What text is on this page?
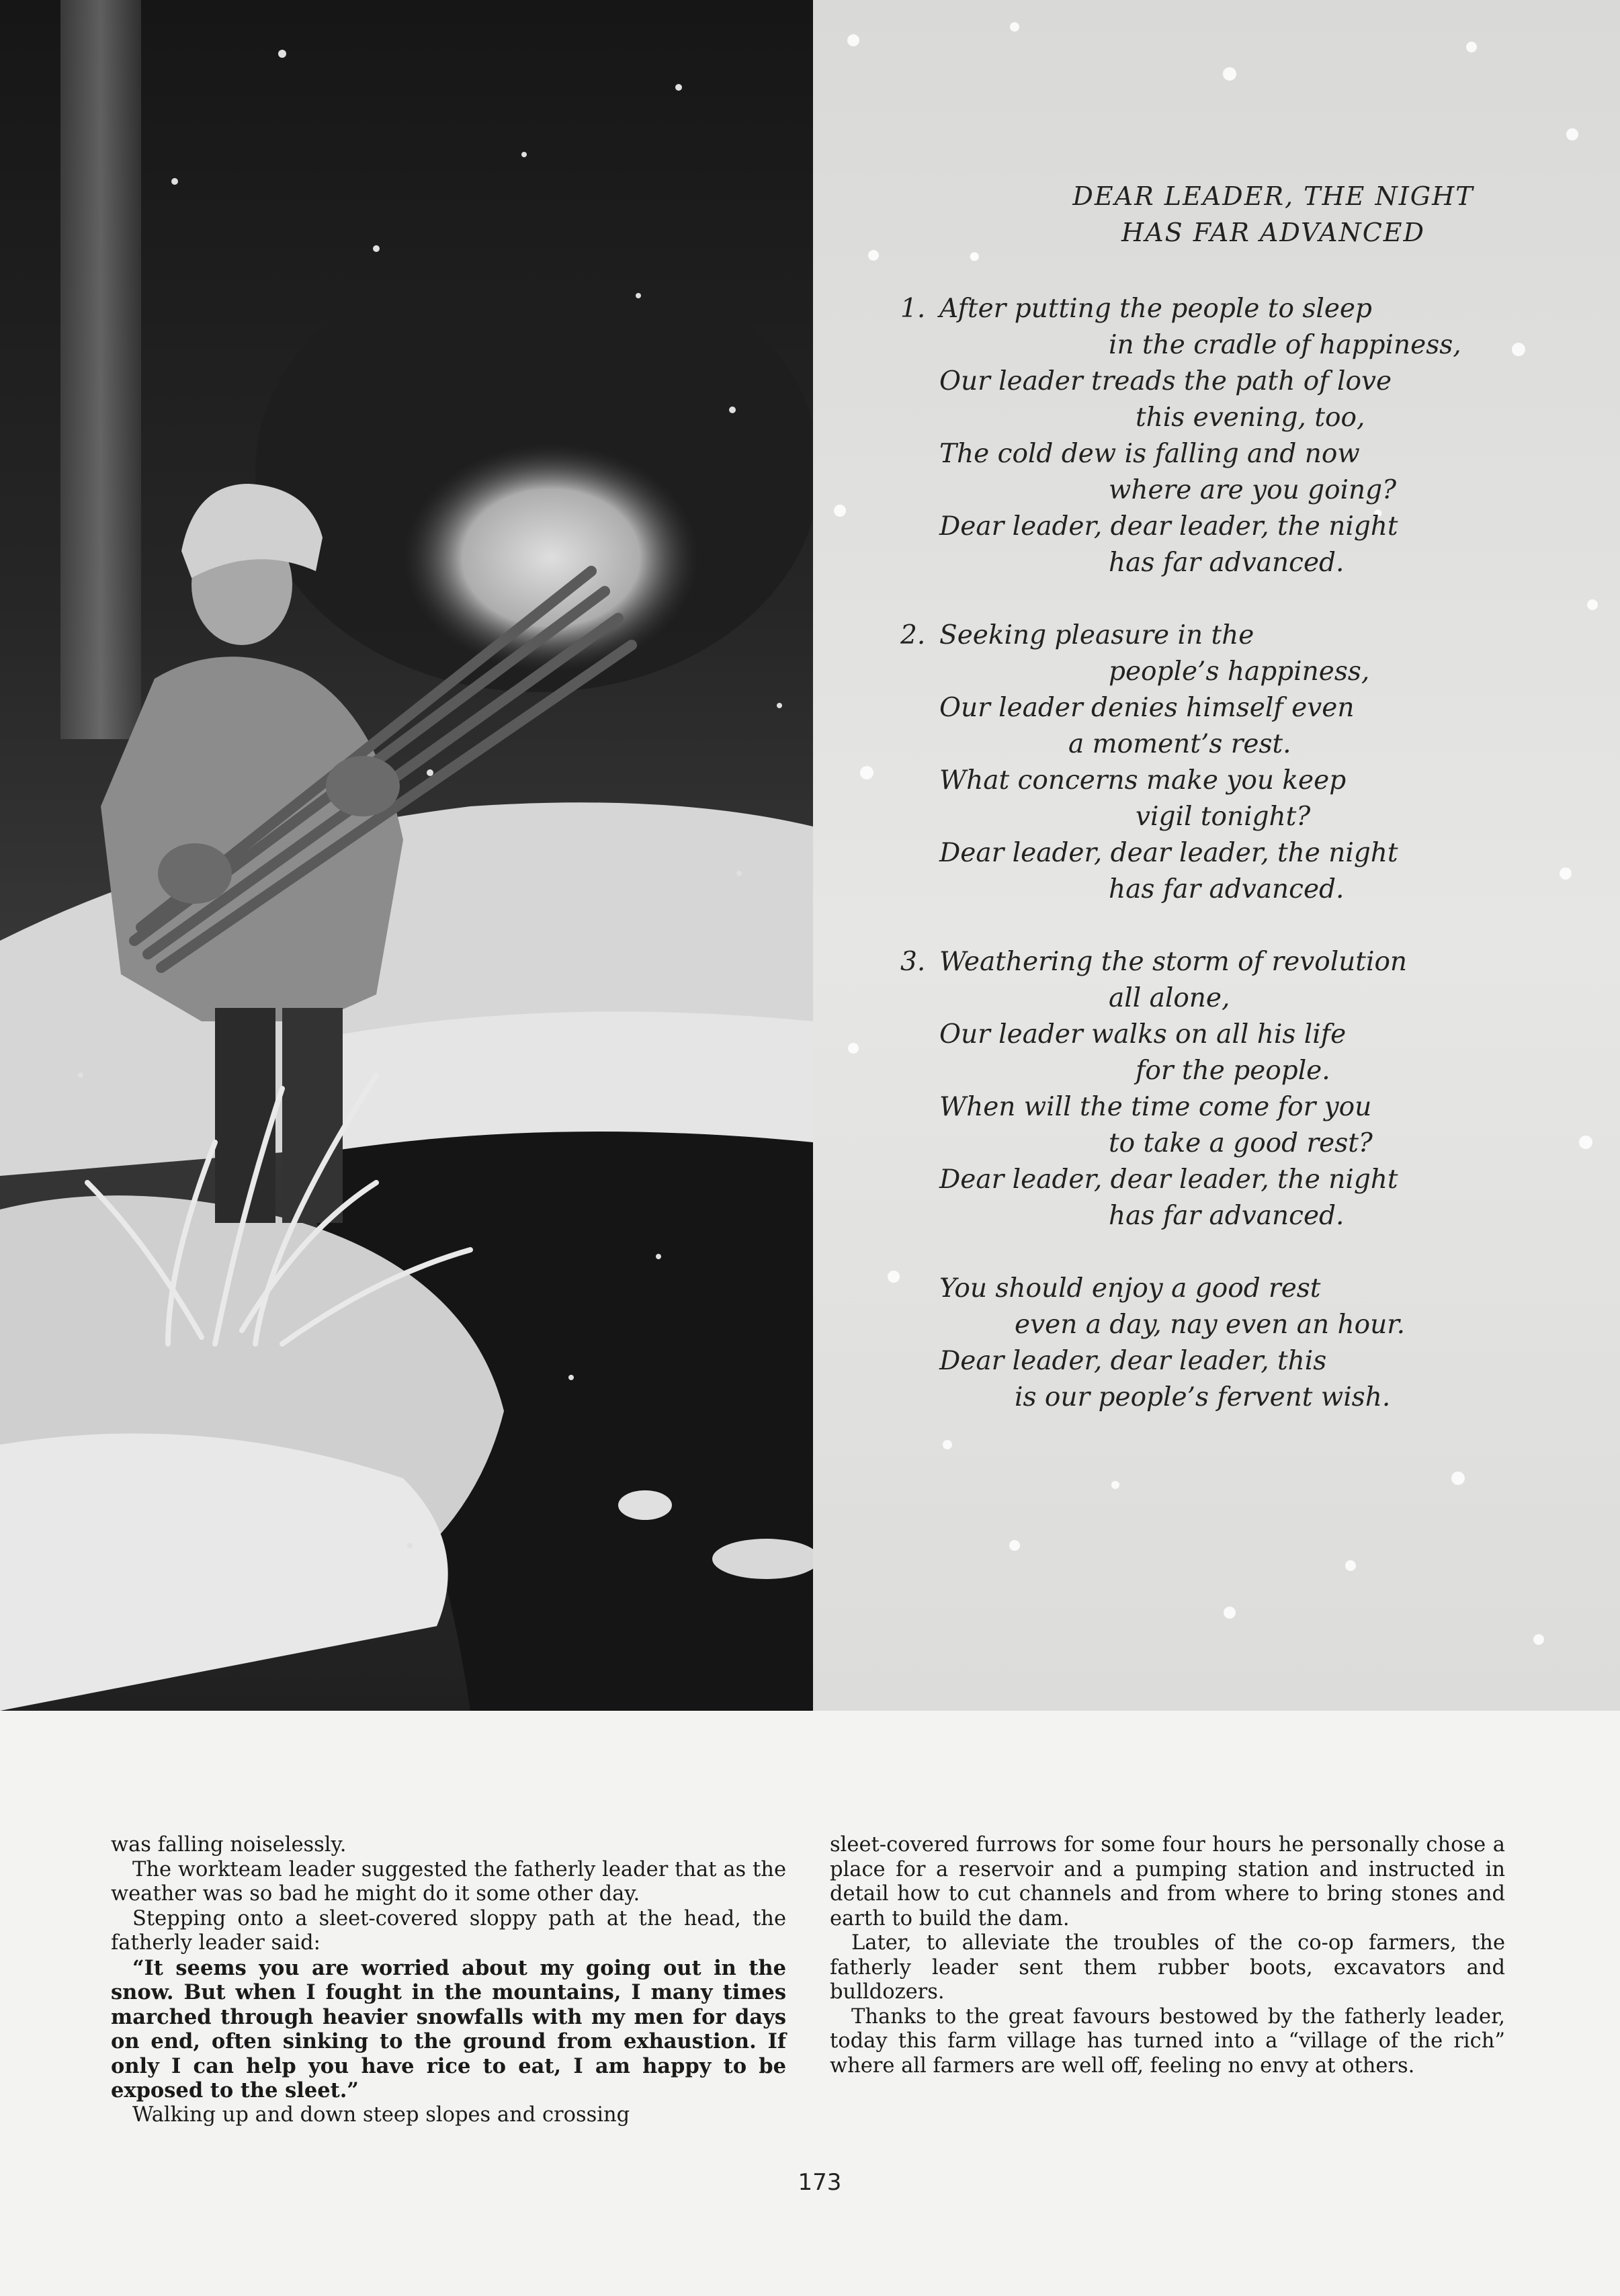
DEAR LEADER, THE NIGHT
HAS FAR ADVANCED
1. After putting the people to sleep
in the cradle of happiness,
Our leader treads the path of love
this evening, too,
The cold dew is falling and now
where are you going?
Dear leader, dear leader, the night
has far advanced.
2. Seeking pleasure in the
people’s happiness,
Our leader denies himself even
a moment’s rest.
What concerns make you keep
vigil tonight?
Dear leader, dear leader, the night
has far advanced.
3. Weathering the storm of revolution
all alone,
Our leader walks on all his life
for the people.
When will the time come for you
to take a good rest?
Dear leader, dear leader, the night
has far advanced.
You should enjoy a good rest
even a day, nay even an hour.
Dear leader, dear leader, this
is our people’s fervent wish.

was falling noiselessly.

The workteam leader suggested the fatherly leader that as the weather was so bad he might do it some other day.

Stepping onto a sleet-covered sloppy path at the head, the fatherly leader said:

“It seems you are worried about my going out in the snow. But when I fought in the mountains, I many times marched through heavier snowfalls with my men for days on end, often sinking to the ground from exhaustion. If only I can help you have rice to eat, I am happy to be exposed to the sleet.”

Walking up and down steep slopes and crossing

sleet-covered furrows for some four hours he personally chose a place for a reservoir and a pumping station and instructed in detail how to cut channels and from where to bring stones and earth to build the dam.

Later, to alleviate the troubles of the co-op farmers, the fatherly leader sent them rubber boots, excavators and bulldozers.

Thanks to the great favours bestowed by the fatherly leader, today this farm village has turned into a “village of the rich” where all farmers are well off, feeling no envy at others.

173
